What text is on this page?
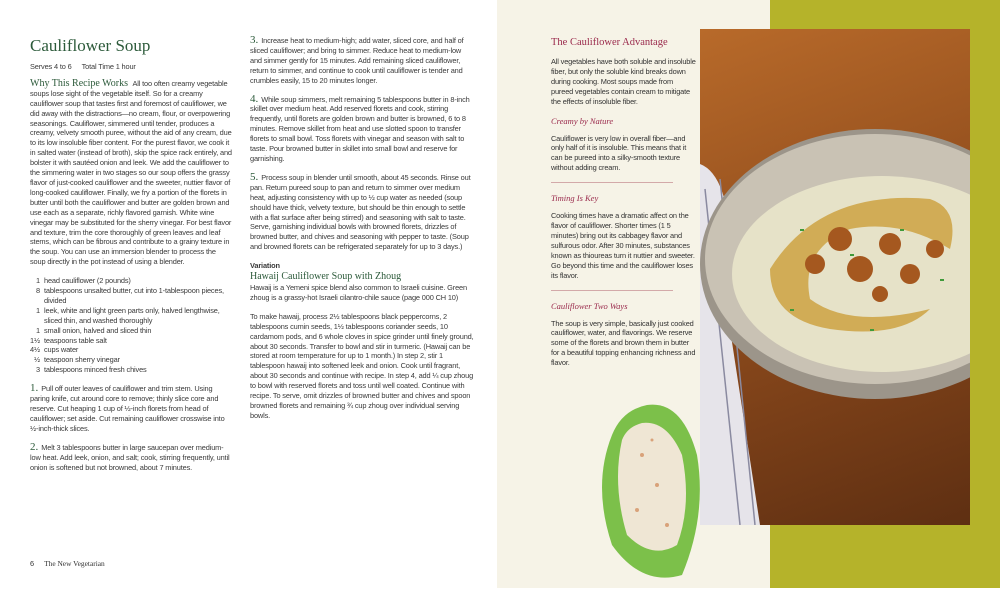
Cauliflower Soup
Serves 4 to 6 Total Time 1 hour

Why This Recipe Works All too often creamy vegetable soups lose sight of the vegetable itself. So for a creamy cauliflower soup that tastes first and foremost of cauliflower, we did away with the distractions—no cream, flour, or overpowering seasonings. Cauliflower, simmered until tender, produces a creamy, velvety smooth puree, without the aid of any cream, due to its low insoluble fiber content. For the purest flavor, we cook it in salted water (instead of broth), skip the spice rack entirely, and bolster it with sautéed onion and leek. We add the cauliflower to the simmering water in two stages so our soup offers the grassy flavor of just-cooked cauliflower and the sweeter, nuttier flavor of long-cooked cauliflower. Finally, we fry a portion of the florets in butter until both the cauliflower and butter are golden brown and use each as a separate, richly flavored garnish. White wine vinegar may be substituted for the sherry vinegar. For best flavor and texture, trim the core thoroughly of green leaves and leaf stems, which can be fibrous and contribute to a grainy texture in the soup. You can use an immersion blender to process the soup directly in the pot instead of using a blender.

1 head cauliflower (2 pounds)
8 tablespoons unsalted butter, cut into 1-tablespoon pieces, divided
1 leek, white and light green parts only, halved lengthwise, sliced thin, and washed thoroughly
1 small onion, halved and sliced thin
1½ teaspoons table salt
4½ cups water
½ teaspoon sherry vinegar
3 tablespoons minced fresh chives

1. Pull off outer leaves of cauliflower and trim stem. Using paring knife, cut around core to remove; thinly slice core and reserve. Cut heaping 1 cup of ½-inch florets from head of cauliflower; set aside. Cut remaining cauliflower crosswise into ½-inch-thick slices.

2. Melt 3 tablespoons butter in large saucepan over medium-low heat. Add leek, onion, and salt; cook, stirring frequently, until onion is softened but not browned, about 7 minutes.

3. Increase heat to medium-high; add water, sliced core, and half of sliced cauliflower; and bring to simmer. Reduce heat to medium-low and simmer gently for 15 minutes. Add remaining sliced cauliflower, return to simmer, and continue to cook until cauliflower is tender and crumbles easily, 15 to 20 minutes longer.

4. While soup simmers, melt remaining 5 tablespoons butter in 8-inch skillet over medium heat. Add reserved florets and cook, stirring frequently, until florets are golden brown and butter is browned, 6 to 8 minutes. Remove skillet from heat and use slotted spoon to transfer florets to small bowl. Toss florets with vinegar and season with salt to taste. Pour browned butter in skillet into small bowl and reserve for garnishing.

5. Process soup in blender until smooth, about 45 seconds. Rinse out pan. Return pureed soup to pan and return to simmer over medium heat, adjusting consistency with up to ½ cup water as needed (soup should have thick, velvety texture, but should be thin enough to settle with a flat surface after being stirred) and seasoning with salt to taste. Serve, garnishing individual bowls with browned florets, drizzles of browned butter, and chives and seasoning with pepper to taste. (Soup and browned florets can be refrigerated separately for up to 3 days.)

Variation
Hawaij Cauliflower Soup with Zhoug

Hawaij is a Yemeni spice blend also common to Israeli cuisine. Green zhoug is a grassy-hot Israeli cilantro-chile sauce (page 000 CH 10)

To make hawaij, process 2½ tablespoons black peppercorns, 2 tablespoons cumin seeds, 1½ tablespoons coriander seeds, 10 cardamom pods, and 6 whole cloves in spice grinder until finely ground, about 30 seconds. Transfer to bowl and stir in turmeric. (Hawaij can be stored at room temperature for up to 1 month.) In step 2, stir 1 tablespoon hawaij into softened leek and onion. Cook until fragrant, about 30 seconds and continue with recipe. In step 4, add ¼ cup zhoug to bowl with reserved florets and toss until well coated. Continue with recipe. To serve, omit drizzles of browned butter and chives and spoon browned florets and remaining ¾ cup zhoug over individual serving bowls.

The Cauliflower Advantage

All vegetables have both soluble and insoluble fiber, but only the soluble kind breaks down during cooking. Most soups made from pureed vegetables contain cream to mitigate the effects of insoluble fiber.

Creamy by Nature

Cauliflower is very low in overall fiber—and only half of it is insoluble. This means that it can be pureed into a silky-smooth texture without adding cream.

Timing Is Key

Cooking times have a dramatic affect on the flavor of cauliflower. Shorter times (1 5 minutes) bring out its cabbagey flavor and sulfurous odor. After 30 minutes, substances known as thioureas turn it nuttier and sweeter. Go beyond this time and the cauliflower loses its flavor.

Cauliflower Two Ways

The soup is very simple, basically just cooked cauliflower, water, and flavorings. We reserve some of the florets and brown them in butter for a beautiful topping enhancing richness and flavor.

6 The New Vegetarian
